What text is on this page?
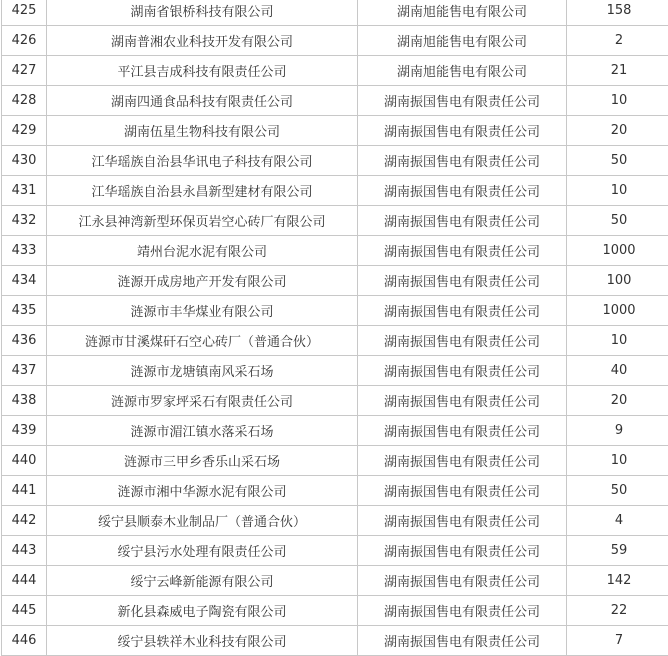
425	湖南省银桥科技有限公司	湖南旭能售电有限公司	158
426	湖南普湘农业科技开发有限公司	湖南旭能售电有限公司	2
427	平江县吉成科技有限责任公司	湖南旭能售电有限公司	21
428	湖南四通食品科技有限责任公司	湖南振国售电有限责任公司	10
429	湖南伍星生物科技有限公司	湖南振国售电有限责任公司	20
430	江华瑶族自治县华讯电子科技有限公司	湖南振国售电有限责任公司	50
431	江华瑶族自治县永昌新型建材有限公司	湖南振国售电有限责任公司	10
432	江永县神湾新型环保页岩空心砖厂有限公司	湖南振国售电有限责任公司	50
433	靖州台泥水泥有限公司	湖南振国售电有限责任公司	1000
434	涟源开成房地产开发有限公司	湖南振国售电有限责任公司	100
435	涟源市丰华煤业有限公司	湖南振国售电有限责任公司	1000
436	涟源市甘溪煤矸石空心砖厂（普通合伙）	湖南振国售电有限责任公司	10
437	涟源市龙塘镇南风采石场	湖南振国售电有限责任公司	40
438	涟源市罗家坪采石有限责任公司	湖南振国售电有限责任公司	20
439	涟源市湄江镇水落采石场	湖南振国售电有限责任公司	9
440	涟源市三甲乡香乐山采石场	湖南振国售电有限责任公司	10
441	涟源市湘中华源水泥有限公司	湖南振国售电有限责任公司	50
442	绥宁县顺泰木业制品厂（普通合伙）	湖南振国售电有限责任公司	4
443	绥宁县污水处理有限责任公司	湖南振国售电有限责任公司	59
444	绥宁云峰新能源有限公司	湖南振国售电有限责任公司	142
445	新化县森威电子陶瓷有限公司	湖南振国售电有限责任公司	22
446	绥宁县轶祥木业科技有限公司	湖南振国售电有限责任公司	7
